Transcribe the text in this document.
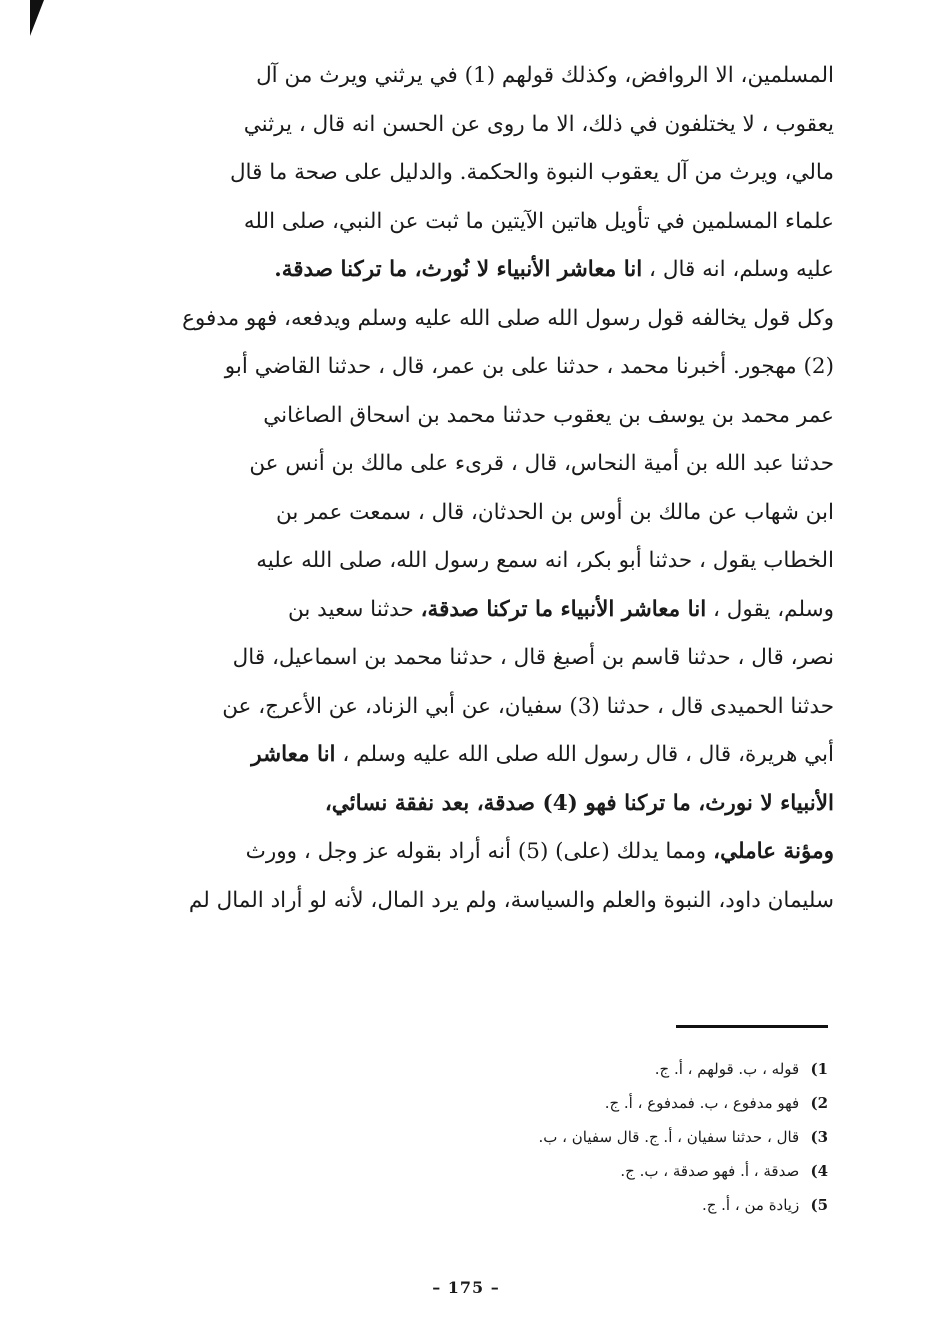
المسلمين، الا الروافض، وكذلك قولهم (1) في يرثني ويرث من آل
يعقوب ، لا يختلفون في ذلك، الا ما روى عن الحسن انه قال ، يرثني
مالي، ويرث من آل يعقوب النبوة والحكمة. والدليل على صحة ما قال
علماء المسلمين في تأويل هاتين الآيتين ما ثبت عن النبي، صلى الله
عليه وسلم، انه قال ، انا معاشر الأنبياء لا نُورث، ما تركنا صدقة.
وكل قول يخالفه قول رسول الله صلى الله عليه وسلم ويدفعه، فهو مدفوع
(2) مهجور. أخبرنا محمد ، حدثنا على بن عمر، قال ، حدثنا القاضي أبو
عمر محمد بن يوسف بن يعقوب حدثنا محمد بن اسحاق الصاغاني
حدثنا عبد الله بن أمية النحاس، قال ، قرىء على مالك بن أنس عن
ابن شهاب عن مالك بن أوس بن الحدثان، قال ، سمعت عمر بن
الخطاب يقول ، حدثنا أبو بكر، انه سمع رسول الله، صلى الله عليه
وسلم، يقول ، انا معاشر الأنبياء ما تركنا صدقة، حدثنا سعيد بن
نصر، قال ، حدثنا قاسم بن أصبغ قال ، حدثنا محمد بن اسماعيل، قال
حدثنا الحميدى قال ، حدثنا (3) سفيان، عن أبي الزناد، عن الأعرج، عن
أبي هريرة، قال ، قال رسول الله صلى الله عليه وسلم ، انا معاشر
الأنبياء لا نورث، ما تركنا فهو (4) صدقة، بعد نفقة نسائي،
ومؤنة عاملي، ومما يدلك (على) (5) أنه أراد بقوله عز وجل ، وورث
سليمان داود، النبوة والعلم والسياسة، ولم يرد المال، لأنه لو أراد المال لم
1) قوله ، ب. قولهم ، أ. ج.
2) فهو مدفوع ، ب. فمدفوع ، أ. ج.
3) قال ، حدثنا سفيان ، أ. ج. قال سفيان ، ب.
4) صدقة ، أ. فهو صدقة ، ب. ج.
5) زيادة من ، أ. ج.
– 175 –
